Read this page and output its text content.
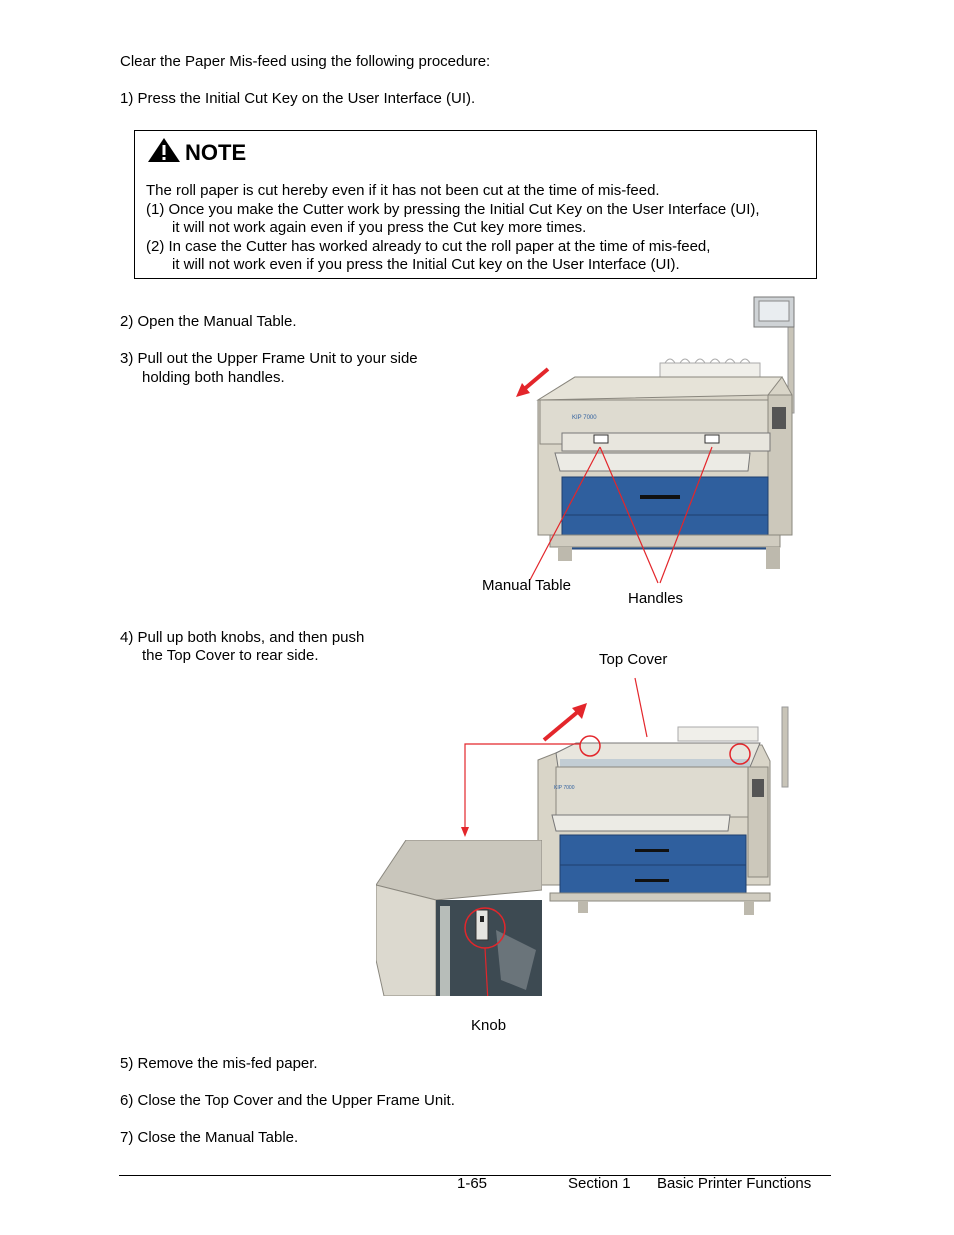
Clear the Paper Mis-feed using the following procedure:
1) Press the Initial Cut Key on the User Interface (UI).
NOTE
The roll paper is cut hereby even if it has not been cut at the time of mis-feed.
(1) Once you make the Cutter work by pressing the Initial Cut Key on the User Interface (UI),
it will not work again even if you press the Cut key more times.
(2) In case the Cutter has worked already to cut the roll paper at the time of mis-feed,
it will not work even if you press the Initial Cut key on the User Interface (UI).
2) Open the Manual Table.
3) Pull out the Upper Frame Unit to your side
holding both handles.
KIP 7000
Manual Table
Handles
4) Pull up both knobs, and then push
the Top Cover to rear side.	Top Cover
KIP 7000
Knob
5) Remove the mis-fed paper.
6) Close the Top Cover and the Upper Frame Unit.
7) Close the Manual Table.
1-65	Section 1 Basic Printer Functions
